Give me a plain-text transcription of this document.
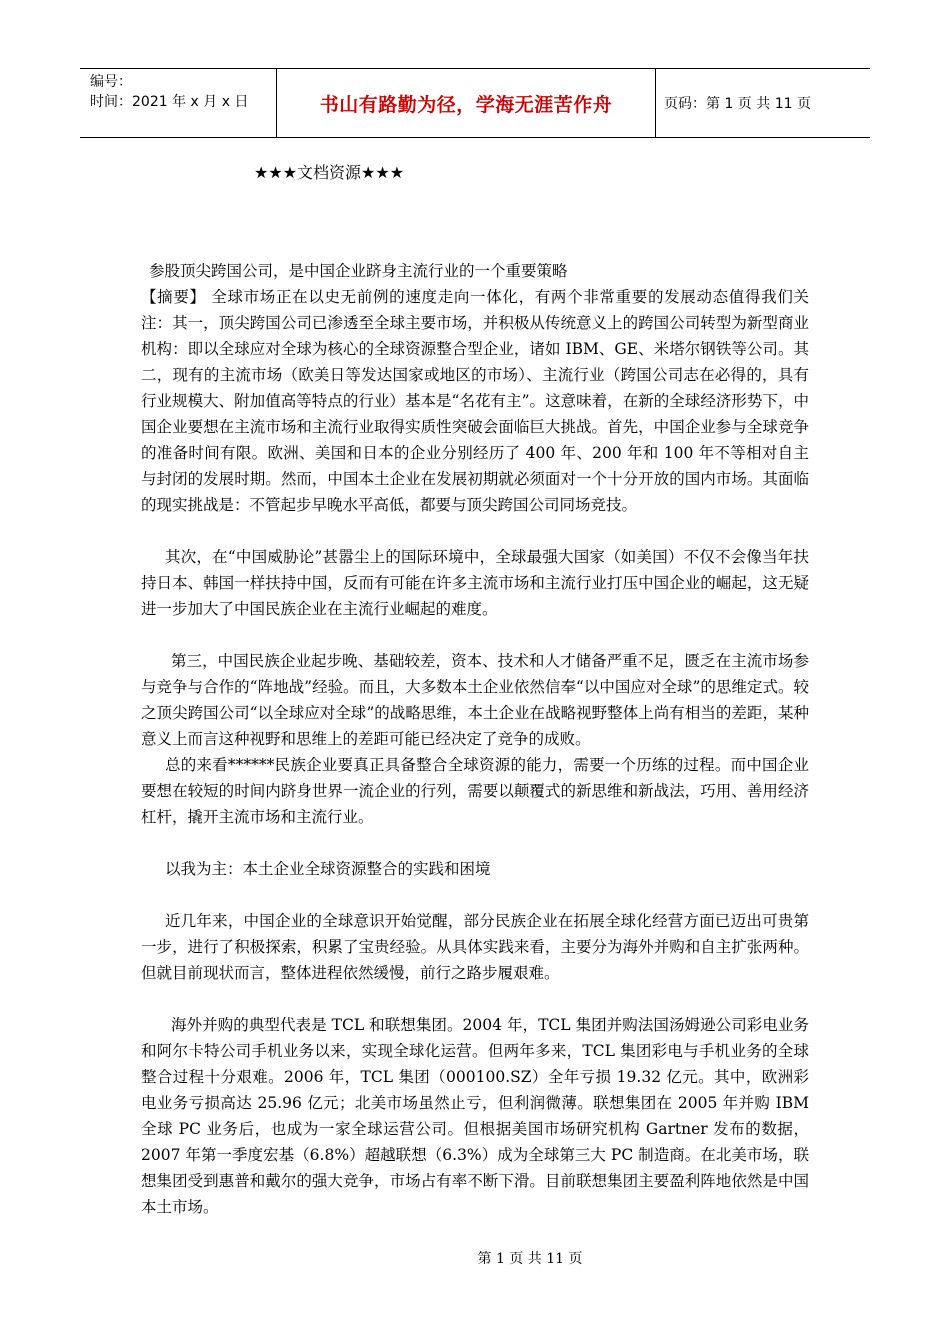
编号：
时间：2021 年 x 月 x 日	书山有路勤为径，学海无涯苦作舟	页码：第 1 页 共 11 页
★★★文档资源★★★

参股顶尖跨国公司，是中国企业跻身主流行业的一个重要策略

【摘要】 全球市场正在以史无前例的速度走向一体化，有两个非常重要的发展动态值得我们关注：其一，顶尖跨国公司已渗透至全球主要市场，并积极从传统意义上的跨国公司转型为新型商业机构：即以全球应对全球为核心的全球资源整合型企业，诸如 IBM、GE、米塔尔钢铁等公司。其二，现有的主流市场（欧美日等发达国家或地区的市场）、主流行业（跨国公司志在必得的，具有行业规模大、附加值高等特点的行业）基本是“名花有主”。这意味着，在新的全球经济形势下，中国企业要想在主流市场和主流行业取得实质性突破会面临巨大挑战。首先，中国企业参与全球竞争的准备时间有限。欧洲、美国和日本的企业分别经历了 400 年、200 年和 100 年不等相对自主与封闭的发展时期。然而，中国本土企业在发展初期就必须面对一个十分开放的国内市场。其面临的现实挑战是：不管起步早晚水平高低，都要与顶尖跨国公司同场竞技。

其次，在“中国威胁论”甚嚣尘上的国际环境中，全球最强大国家（如美国）不仅不会像当年扶持日本、韩国一样扶持中国，反而有可能在许多主流市场和主流行业打压中国企业的崛起，这无疑进一步加大了中国民族企业在主流行业崛起的难度。

第三，中国民族企业起步晚、基础较差，资本、技术和人才储备严重不足，匮乏在主流市场参与竞争与合作的“阵地战”经验。而且，大多数本土企业依然信奉“以中国应对全球”的思维定式。较之顶尖跨国公司“以全球应对全球”的战略思维，本土企业在战略视野整体上尚有相当的差距，某种意义上而言这种视野和思维上的差距可能已经决定了竞争的成败。

总的来看******民族企业要真正具备整合全球资源的能力，需要一个历练的过程。而中国企业要想在较短的时间内跻身世界一流企业的行列，需要以颠覆式的新思维和新战法，巧用、善用经济杠杆，撬开主流市场和主流行业。

以我为主：本土企业全球资源整合的实践和困境

近几年来，中国企业的全球意识开始觉醒，部分民族企业在拓展全球化经营方面已迈出可贵第一步，进行了积极探索，积累了宝贵经验。从具体实践来看，主要分为海外并购和自主扩张两种。但就目前现状而言，整体进程依然缓慢，前行之路步履艰难。

海外并购的典型代表是 TCL 和联想集团。2004 年，TCL 集团并购法国汤姆逊公司彩电业务和阿尔卡特公司手机业务以来，实现全球化运营。但两年多来，TCL 集团彩电与手机业务的全球整合过程十分艰难。2006 年，TCL 集团（000100.SZ）全年亏损 19.32 亿元。其中，欧洲彩电业务亏损高达 25.96 亿元；北美市场虽然止亏，但利润微薄。联想集团在 2005 年并购 IBM 全球 PC 业务后，也成为一家全球运营公司。但根据美国市场研究机构 Gartner 发布的数据，2007 年第一季度宏基（6.8%）超越联想（6.3%）成为全球第三大 PC 制造商。在北美市场，联想集团受到惠普和戴尔的强大竞争，市场占有率不断下滑。目前联想集团主要盈利阵地依然是中国本土市场。

第 1 页 共 11 页
